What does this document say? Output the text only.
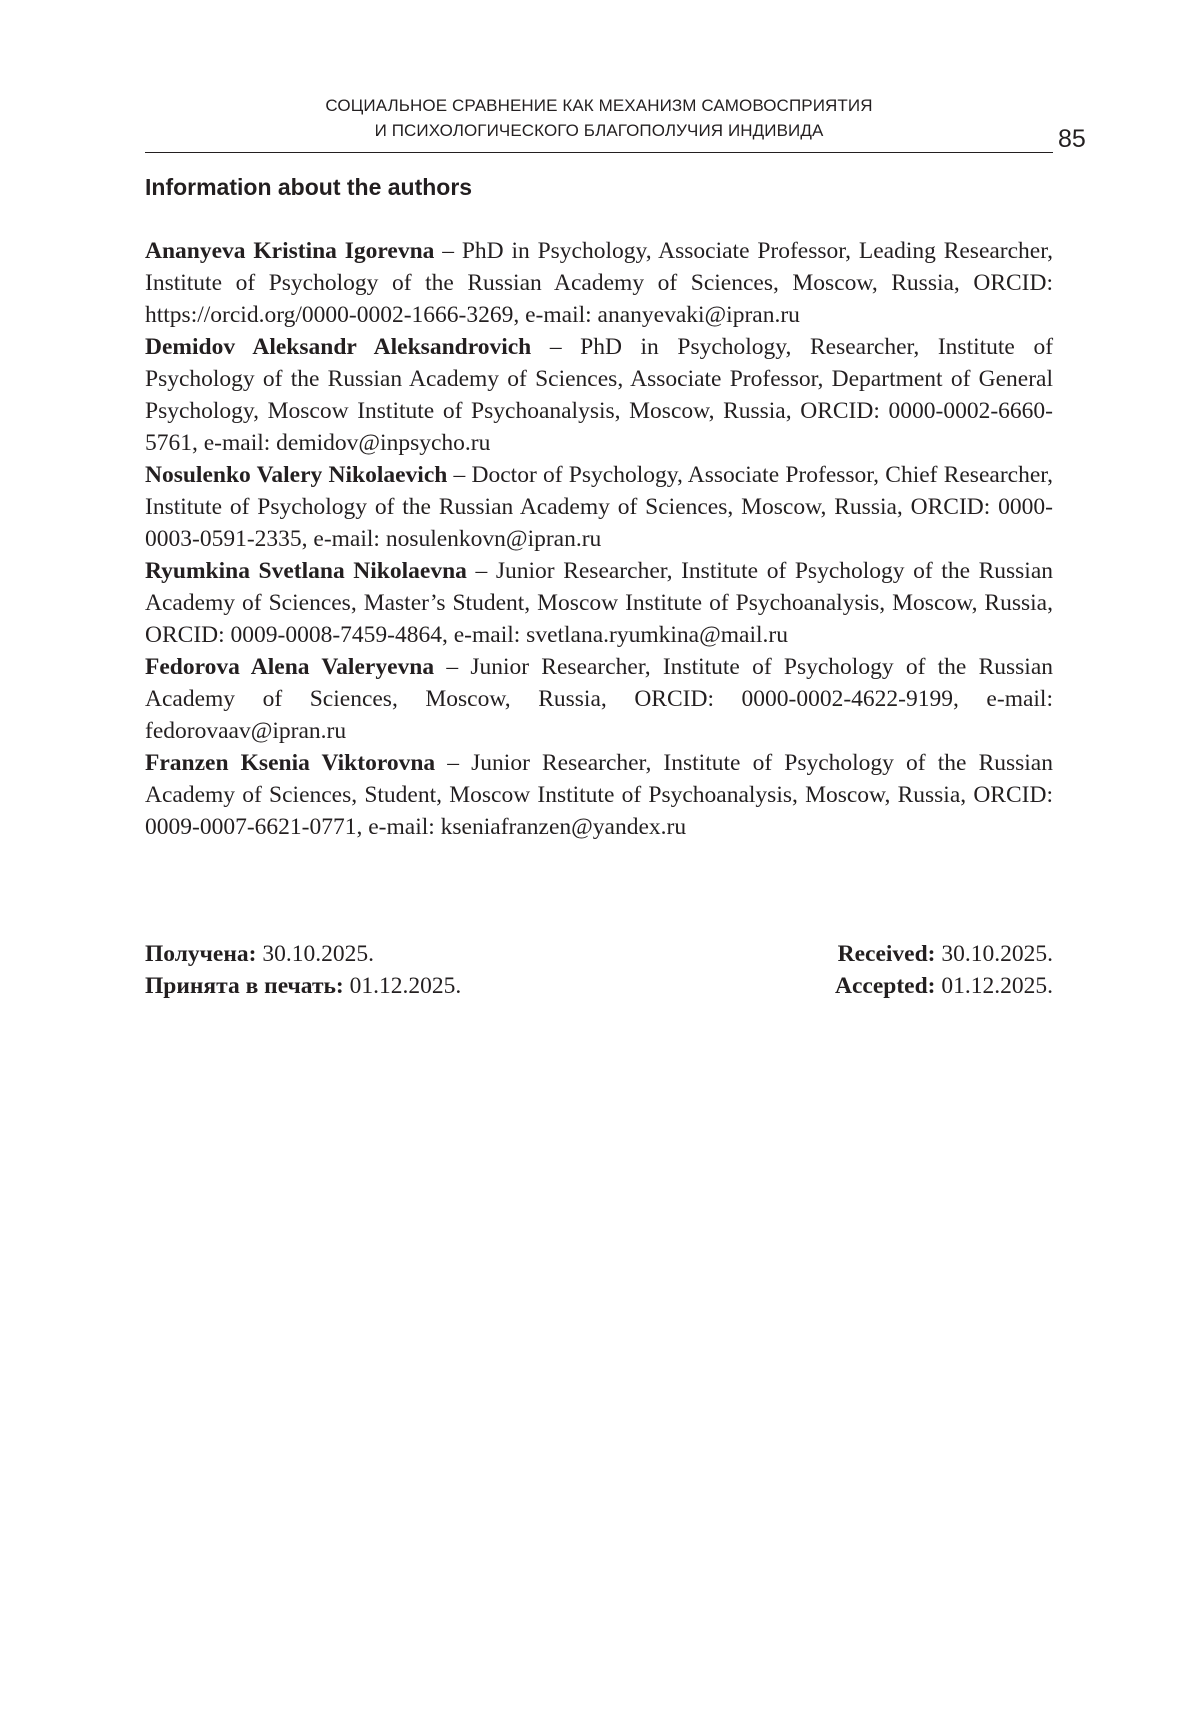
СОЦИАЛЬНОЕ СРАВНЕНИЕ КАК МЕХАНИЗМ САМОВОСПРИЯТИЯ
И ПСИХОЛОГИЧЕСКОГО БЛАГОПОЛУЧИЯ ИНДИВИДА	85
Information about the authors

Ananyeva Kristina Igorevna – PhD in Psychology, Associate Professor, Leading Researcher, Institute of Psychology of the Russian Academy of Sciences, Moscow, Russia, ORCID: https://orcid.org/0000-0002-1666-3269, e-mail: ananyevaki@ipran.ru

Demidov Aleksandr Aleksandrovich – PhD in Psychology, Researcher, Institute of Psychology of the Russian Academy of Sciences, Associate Professor, Department of General Psychology, Moscow Institute of Psychoanalysis, Moscow, Russia, ORCID: 0000-0002-6660-5761, e-mail: demidov@inpsycho.ru

Nosulenko Valery Nikolaevich – Doctor of Psychology, Associate Professor, Chief Researcher, Institute of Psychology of the Russian Academy of Sciences, Moscow, Russia, ORCID: 0000-0003-0591-2335, e-mail: nosulenkovn@ipran.ru

Ryumkina Svetlana Nikolaevna – Junior Researcher, Institute of Psychology of the Russian Academy of Sciences, Master’s Student, Moscow Institute of Psychoanalysis, Moscow, Russia, ORCID: 0009-0008-7459-4864, e-mail: svetlana.ryumkina@mail.ru

Fedorova Alena Valeryevna – Junior Researcher, Institute of Psychology of the Russian Academy of Sciences, Moscow, Russia, ORCID: 0000-0002-4622-9199, e-mail: fedorovaav@ipran.ru

Franzen Ksenia Viktorovna – Junior Researcher, Institute of Psychology of the Russian Academy of Sciences, Student, Moscow Institute of Psychoanalysis, Moscow, Russia, ORCID: 0009-0007-6621-0771, e-mail: kseniafranzen@yandex.ru

Получена: 30.10.2025.	Received: 30.10.2025.
Принята в печать: 01.12.2025.	Accepted: 01.12.2025.
